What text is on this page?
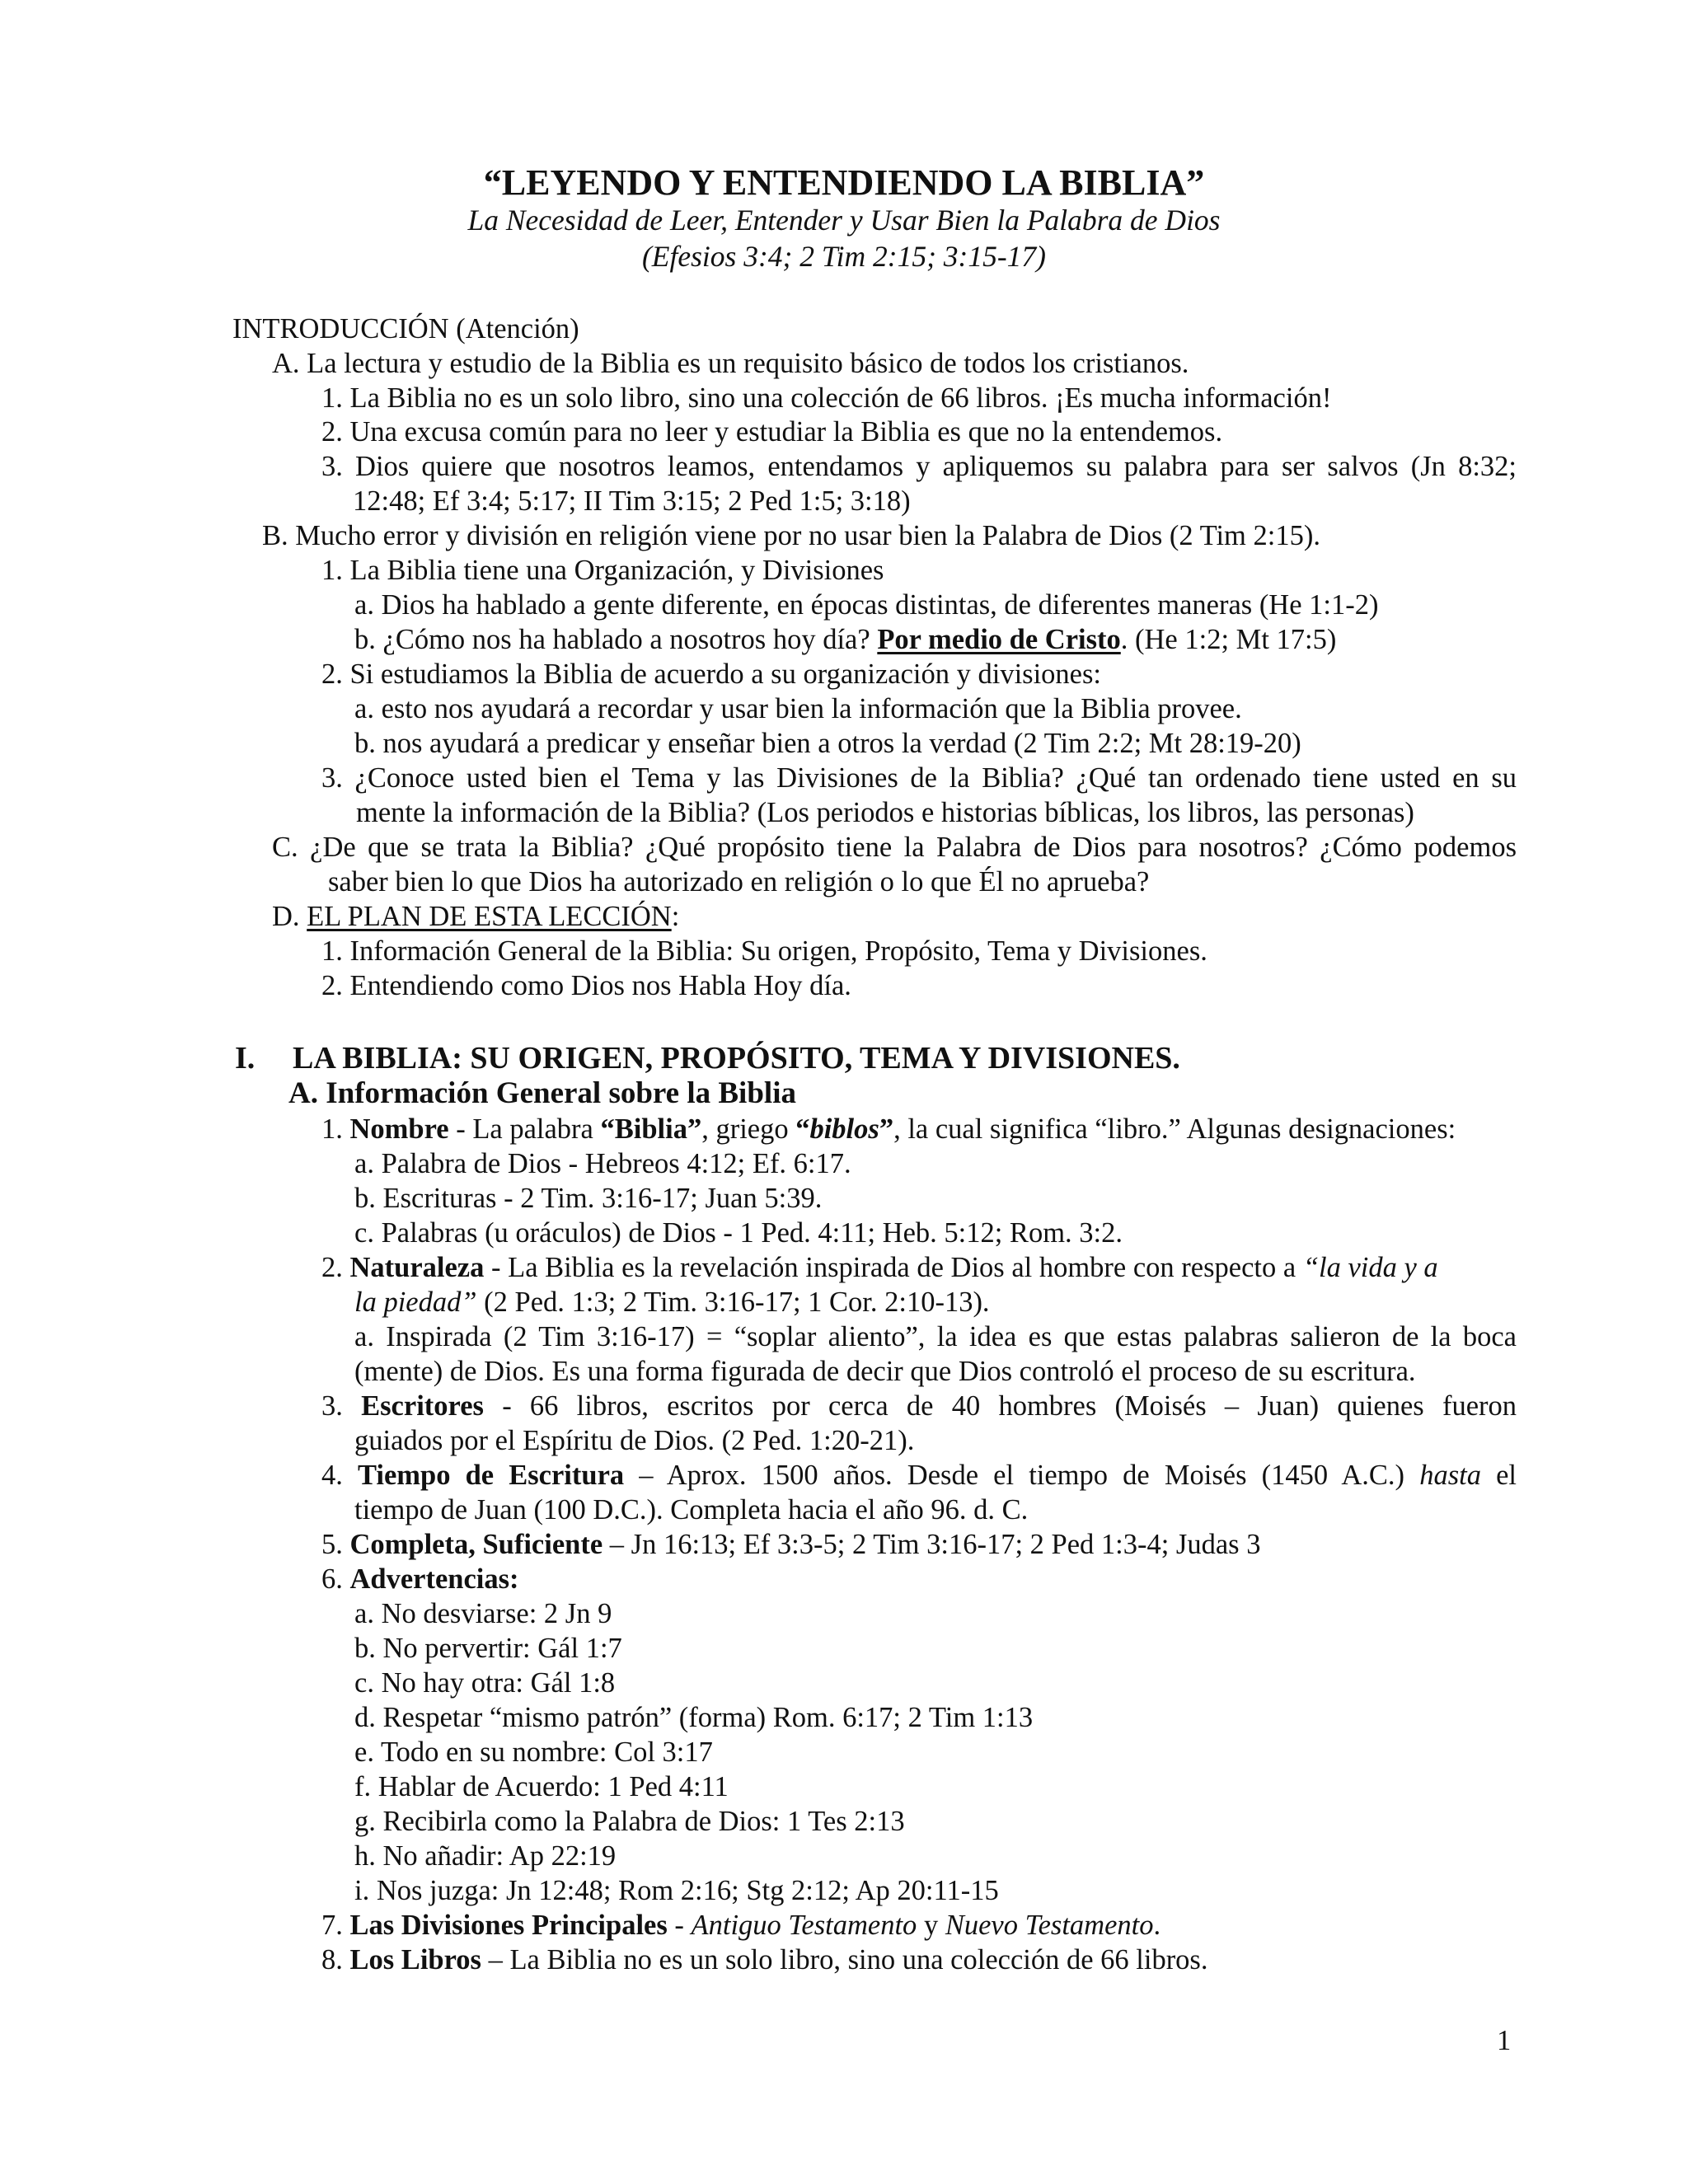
“LEYENDO Y ENTENDIENDO LA BIBLIA”
La Necesidad de Leer, Entender y Usar Bien la Palabra de Dios
(Efesios 3:4; 2 Tim 2:15; 3:15-17)
INTRODUCCIÓN (Atención)
A. La lectura y estudio de la Biblia es un requisito básico de todos los cristianos.
1. La Biblia no es un solo libro, sino una colección de 66 libros. ¡Es mucha información!
2. Una excusa común para no leer y estudiar la Biblia es que no la entendemos.
3. Dios quiere que nosotros leamos, entendamos y apliquemos su palabra para ser salvos (Jn 8:32;
12:48; Ef 3:4; 5:17; II Tim 3:15; 2 Ped 1:5; 3:18)
B. Mucho error y división en religión viene por no usar bien la Palabra de Dios (2 Tim 2:15).
1. La Biblia tiene una Organización, y Divisiones
a. Dios ha hablado a gente diferente, en épocas distintas, de diferentes maneras (He 1:1-2)
b. ¿Cómo nos ha hablado a nosotros hoy día? Por medio de Cristo. (He 1:2; Mt 17:5)
2. Si estudiamos la Biblia de acuerdo a su organización y divisiones:
a. esto nos ayudará a recordar y usar bien la información que la Biblia provee.
b. nos ayudará a predicar y enseñar bien a otros la verdad (2 Tim 2:2; Mt 28:19-20)
3. ¿Conoce usted bien el Tema y las Divisiones de la Biblia? ¿Qué tan ordenado tiene usted en su
mente la información de la Biblia? (Los periodos e historias bíblicas, los libros, las personas)
C. ¿De que se trata la Biblia? ¿Qué propósito tiene la Palabra de Dios para nosotros? ¿Cómo podemos
saber bien lo que Dios ha autorizado en religión o lo que Él no aprueba?
D. EL PLAN DE ESTA LECCIÓN:
1. Información General de la Biblia: Su origen, Propósito, Tema y Divisiones.
2. Entendiendo como Dios nos Habla Hoy día.
I. LA BIBLIA: SU ORIGEN, PROPÓSITO, TEMA Y DIVISIONES.
A. Información General sobre la Biblia
1. Nombre - La palabra “Biblia”, griego “biblos”, la cual significa “libro.” Algunas designaciones:
a. Palabra de Dios - Hebreos 4:12; Ef. 6:17.
b. Escrituras - 2 Tim. 3:16-17; Juan 5:39.
c. Palabras (u oráculos) de Dios - 1 Ped. 4:11; Heb. 5:12; Rom. 3:2.
2. Naturaleza - La Biblia es la revelación inspirada de Dios al hombre con respecto a “la vida y a
la piedad” (2 Ped. 1:3; 2 Tim. 3:16-17; 1 Cor. 2:10-13).
a. Inspirada (2 Tim 3:16-17) = “soplar aliento”, la idea es que estas palabras salieron de la boca
(mente) de Dios. Es una forma figurada de decir que Dios controló el proceso de su escritura.
3. Escritores - 66 libros, escritos por cerca de 40 hombres (Moisés – Juan) quienes fueron
guiados por el Espíritu de Dios. (2 Ped. 1:20-21).
4. Tiempo de Escritura – Aprox. 1500 años. Desde el tiempo de Moisés (1450 A.C.) hasta el
tiempo de Juan (100 D.C.). Completa hacia el año 96. d. C.
5. Completa, Suficiente – Jn 16:13; Ef 3:3-5; 2 Tim 3:16-17; 2 Ped 1:3-4; Judas 3
6. Advertencias:
a. No desviarse: 2 Jn 9
b. No pervertir: Gál 1:7
c. No hay otra: Gál 1:8
d. Respetar “mismo patrón” (forma) Rom. 6:17; 2 Tim 1:13
e. Todo en su nombre: Col 3:17
f. Hablar de Acuerdo: 1 Ped 4:11
g. Recibirla como la Palabra de Dios: 1 Tes 2:13
h. No añadir: Ap 22:19
i. Nos juzga: Jn 12:48; Rom 2:16; Stg 2:12; Ap 20:11-15
7. Las Divisiones Principales - Antiguo Testamento y Nuevo Testamento.
8. Los Libros – La Biblia no es un solo libro, sino una colección de 66 libros.
1
